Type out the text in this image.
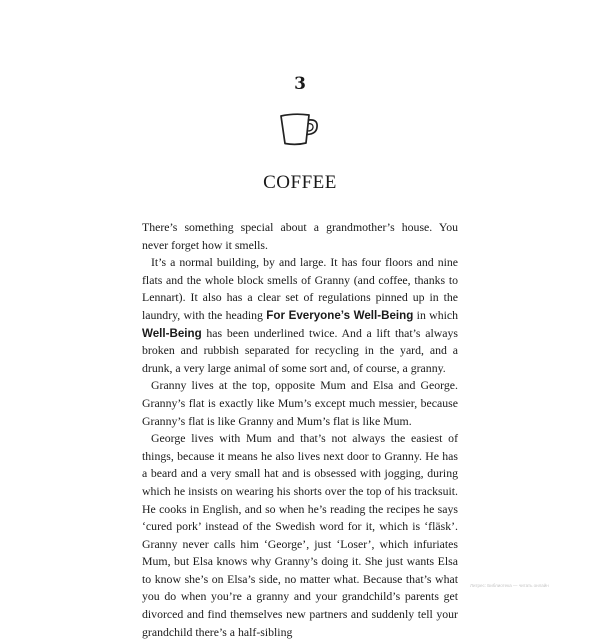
3
COFFEE

There’s something special about a grandmother’s house. You never forget how it smells.

It’s a normal building, by and large. It has four floors and nine flats and the whole block smells of Granny (and coffee, thanks to Lennart). It also has a clear set of regulations pinned up in the laundry, with the heading For Everyone’s Well-Being in which Well-Being has been underlined twice. And a lift that’s always broken and rubbish separated for recycling in the yard, and a drunk, a very large animal of some sort and, of course, a granny.

Granny lives at the top, opposite Mum and Elsa and George. Granny’s flat is exactly like Mum’s except much messier, because Granny’s flat is like Granny and Mum’s flat is like Mum.

George lives with Mum and that’s not always the easiest of things, because it means he also lives next door to Granny. He has a beard and a very small hat and is obsessed with jogging, during which he insists on wearing his shorts over the top of his tracksuit. He cooks in English, and so when he’s reading the recipes he says ‘cured pork’ instead of the Swedish word for it, which is ‘fläsk’. Granny never calls him ‘George’, just ‘Loser’, which infuriates Mum, but Elsa knows why Granny’s doing it. She just wants Elsa to know she’s on Elsa’s side, no matter what. Because that’s what you do when you’re a granny and your grandchild’s parents get divorced and find themselves new partners and suddenly tell your grandchild there’s a half-sibling

Литрес: Библиотека — читать онлайн
